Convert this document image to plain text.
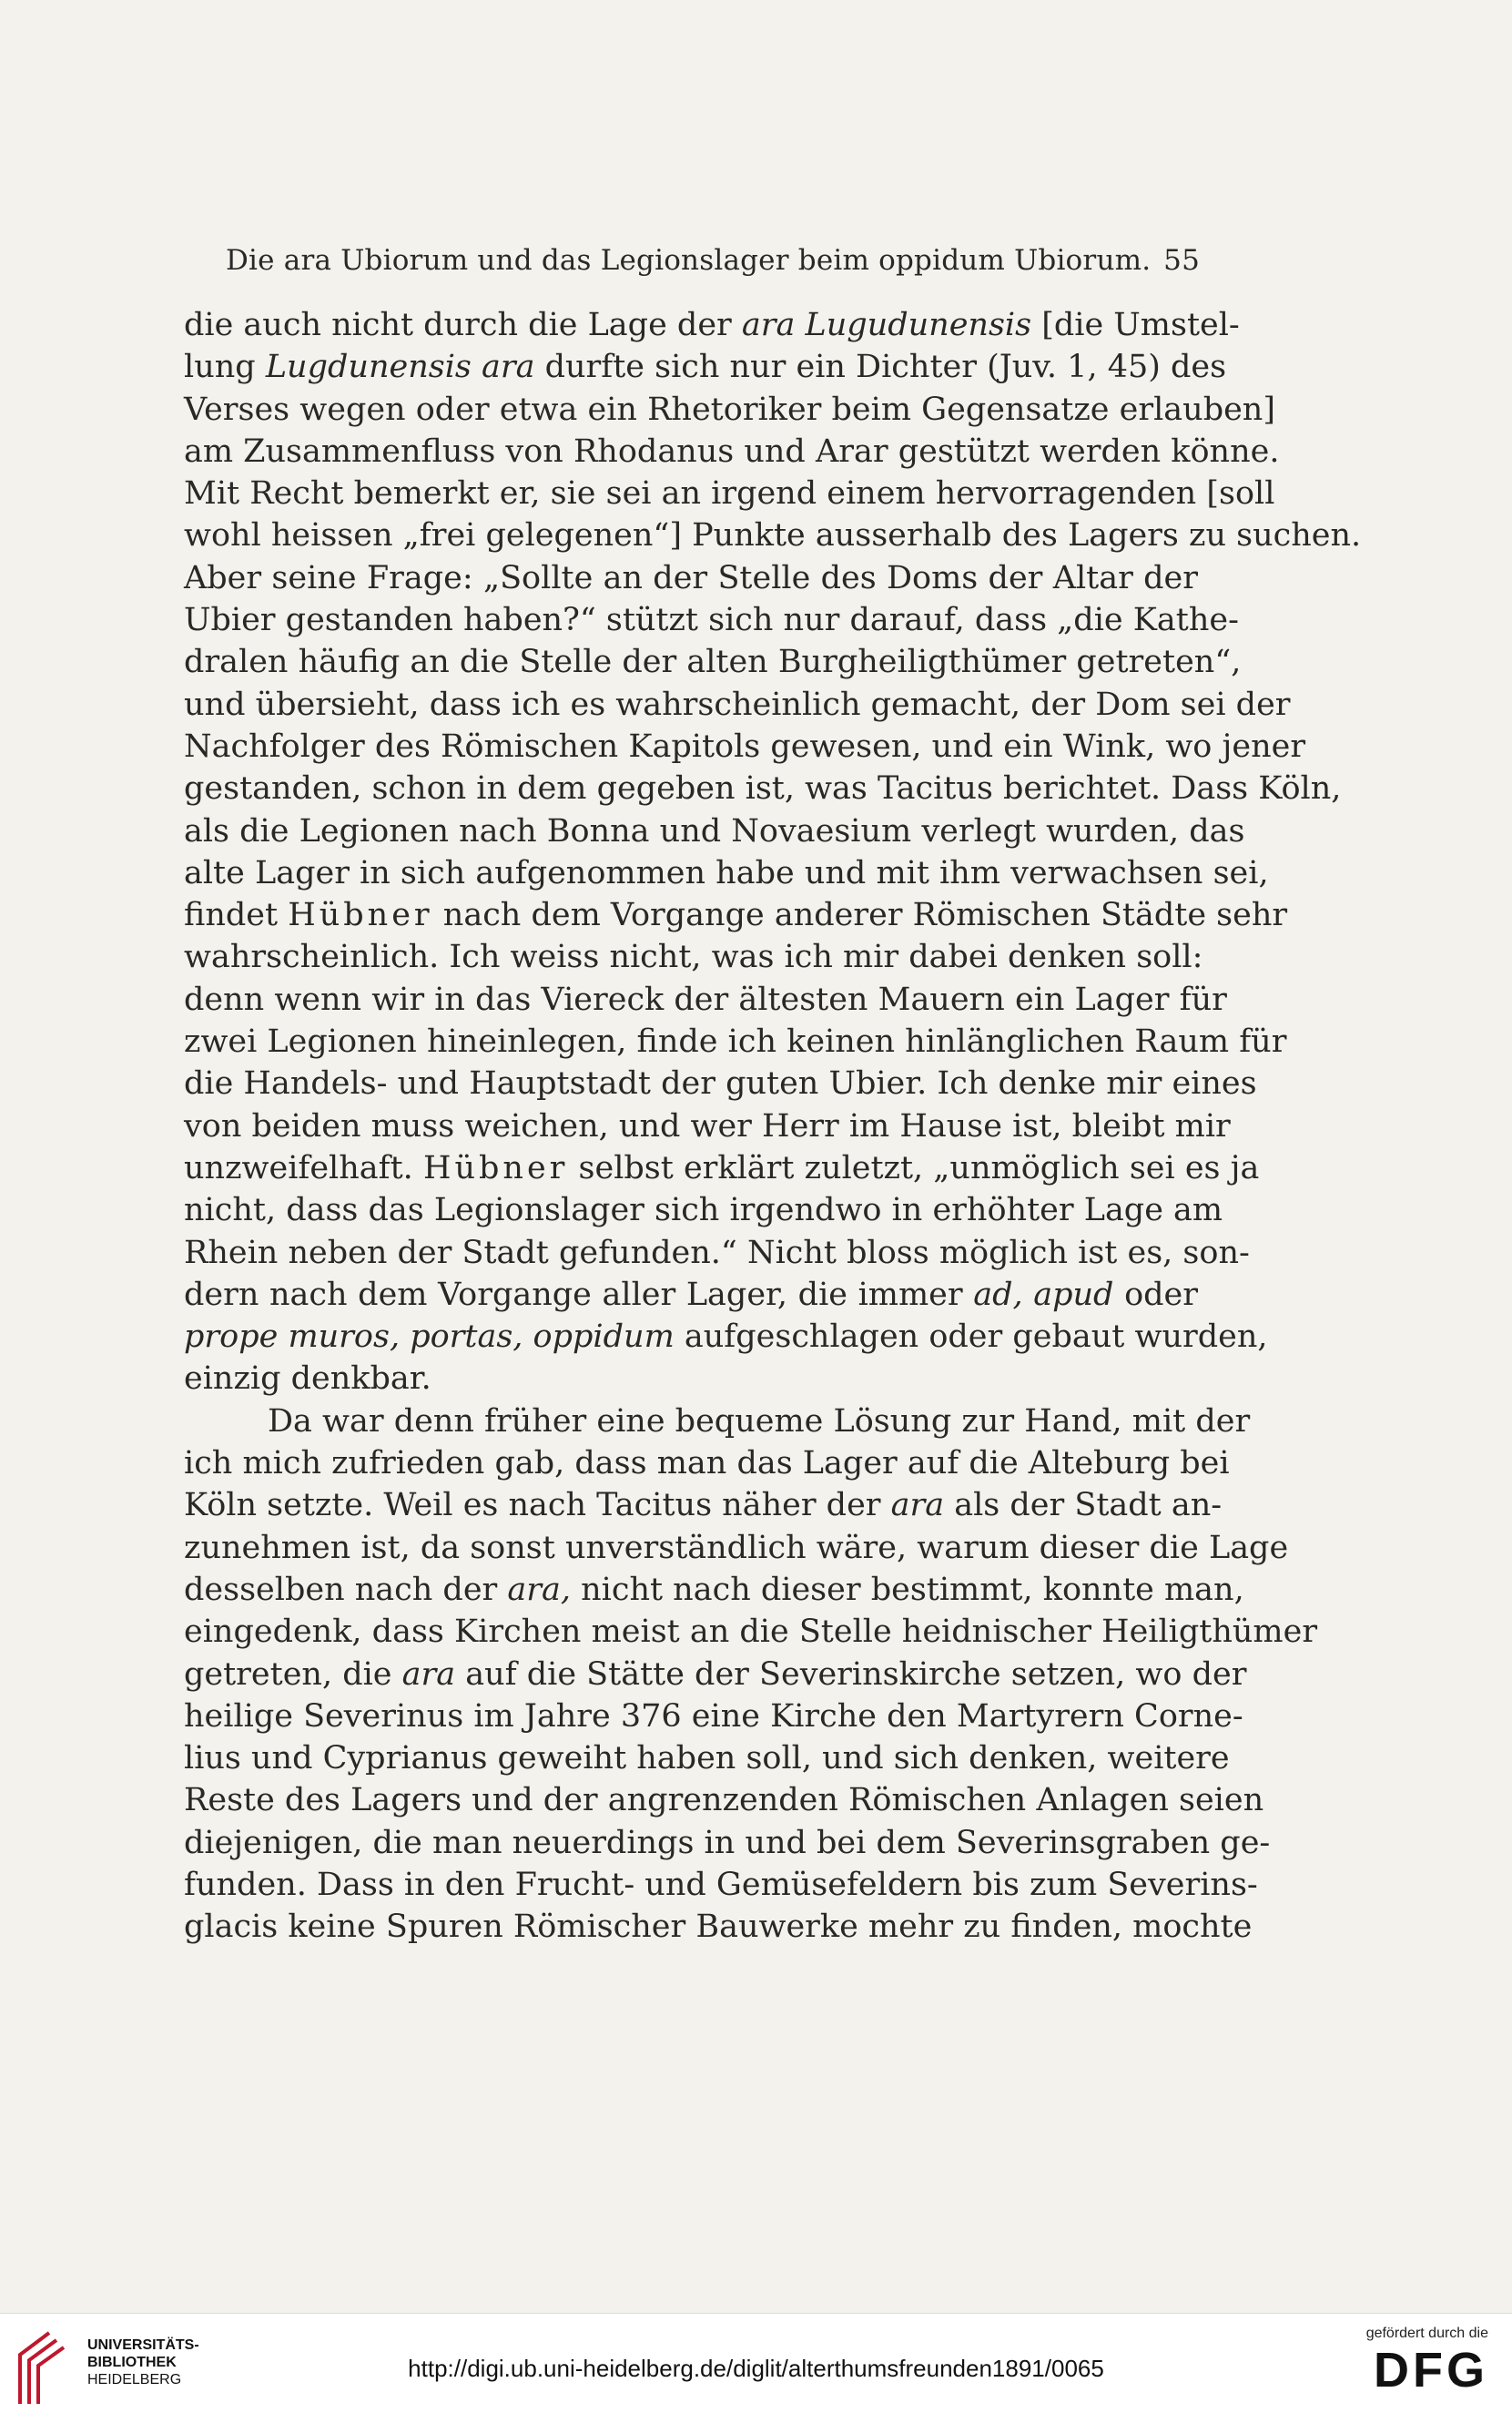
Die ara Ubiorum und das Legionslager beim oppidum Ubiorum. 55
die auch nicht durch die Lage der ara Lugudunensis [die Umstel-
lung Lugdunensis ara durfte sich nur ein Dichter (Juv. 1, 45) des
Verses wegen oder etwa ein Rhetoriker beim Gegensatze erlauben]
am Zusammenfluss von Rhodanus und Arar gestützt werden könne.
Mit Recht bemerkt er, sie sei an irgend einem hervorragenden [soll
wohl heissen „frei gelegenen“] Punkte ausserhalb des Lagers zu suchen.
Aber seine Frage: „Sollte an der Stelle des Doms der Altar der
Ubier gestanden haben?“ stützt sich nur darauf, dass „die Kathe-
dralen häufig an die Stelle der alten Burgheiligthümer getreten“,
und übersieht, dass ich es wahrscheinlich gemacht, der Dom sei der
Nachfolger des Römischen Kapitols gewesen, und ein Wink, wo jener
gestanden, schon in dem gegeben ist, was Tacitus berichtet. Dass Köln,
als die Legionen nach Bonna und Novaesium verlegt wurden, das
alte Lager in sich aufgenommen habe und mit ihm verwachsen sei,
findet Hübner nach dem Vorgange anderer Römischen Städte sehr
wahrscheinlich. Ich weiss nicht, was ich mir dabei denken soll:
denn wenn wir in das Viereck der ältesten Mauern ein Lager für
zwei Legionen hineinlegen, finde ich keinen hinlänglichen Raum für
die Handels- und Hauptstadt der guten Ubier. Ich denke mir eines
von beiden muss weichen, und wer Herr im Hause ist, bleibt mir
unzweifelhaft. Hübner selbst erklärt zuletzt, „unmöglich sei es ja
nicht, dass das Legionslager sich irgendwo in erhöhter Lage am
Rhein neben der Stadt gefunden.“ Nicht bloss möglich ist es, son-
dern nach dem Vorgange aller Lager, die immer ad, apud oder
prope muros, portas, oppidum aufgeschlagen oder gebaut wurden,
einzig denkbar.
Da war denn früher eine bequeme Lösung zur Hand, mit der
ich mich zufrieden gab, dass man das Lager auf die Alteburg bei
Köln setzte. Weil es nach Tacitus näher der ara als der Stadt an-
zunehmen ist, da sonst unverständlich wäre, warum dieser die Lage
desselben nach der ara, nicht nach dieser bestimmt, konnte man,
eingedenk, dass Kirchen meist an die Stelle heidnischer Heiligthümer
getreten, die ara auf die Stätte der Severinskirche setzen, wo der
heilige Severinus im Jahre 376 eine Kirche den Martyrern Corne-
lius und Cyprianus geweiht haben soll, und sich denken, weitere
Reste des Lagers und der angrenzenden Römischen Anlagen seien
diejenigen, die man neuerdings in und bei dem Severinsgraben ge-
funden. Dass in den Frucht- und Gemüsefeldern bis zum Severins-
glacis keine Spuren Römischer Bauwerke mehr zu finden, mochte
UNIVERSITÄTS-
BIBLIOTHEK
HEIDELBERG	http://digi.ub.uni-heidelberg.de/diglit/alterthumsfreunden1891/0065
gefördert durch die
DFG
